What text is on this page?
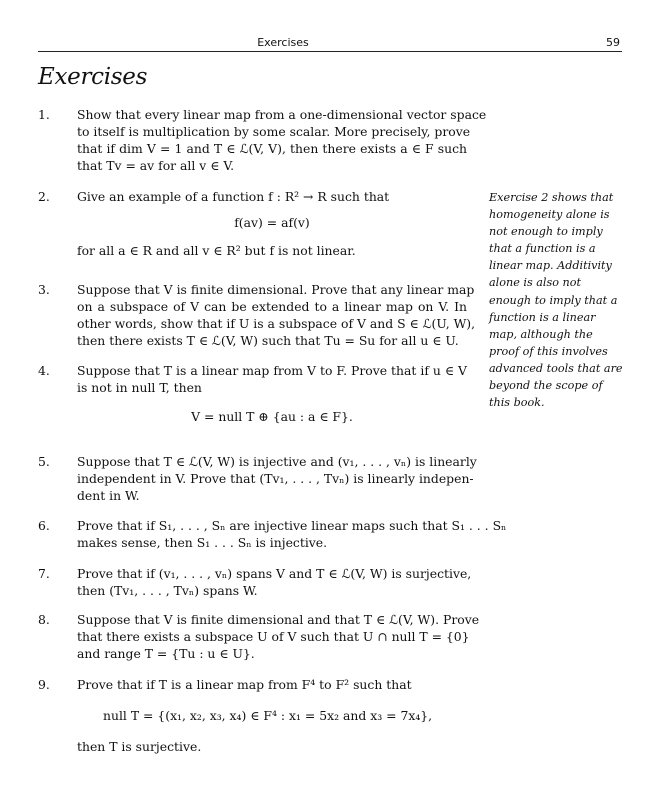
Exercises	59
Exercises
1. Show that every linear map from a one-dimensional vector space
to itself is multiplication by some scalar. More precisely, prove
that if dim V = 1 and T ∈ ℒ(V, V), then there exists a ∈ F such
that Tv = av for all v ∈ V.
2. Give an example of a function f : R² → R such that
f(av) = af(v)
for all a ∈ R and all v ∈ R² but f is not linear.
3. Suppose that V is finite dimensional. Prove that any linear map
on a subspace of V can be extended to a linear map on V. In
other words, show that if U is a subspace of V and S ∈ ℒ(U, W),
then there exists T ∈ ℒ(V, W) such that Tu = Su for all u ∈ U.
4. Suppose that T is a linear map from V to F. Prove that if u ∈ V
is not in null T, then
V = null T ⊕ {au : a ∈ F}.
5. Suppose that T ∈ ℒ(V, W) is injective and (v₁, . . . , vₙ) is linearly
independent in V. Prove that (Tv₁, . . . , Tvₙ) is linearly indepen-
dent in W.
6. Prove that if S₁, . . . , Sₙ are injective linear maps such that S₁ . . . Sₙ
makes sense, then S₁ . . . Sₙ is injective.
7. Prove that if (v₁, . . . , vₙ) spans V and T ∈ ℒ(V, W) is surjective,
then (Tv₁, . . . , Tvₙ) spans W.
8. Suppose that V is finite dimensional and that T ∈ ℒ(V, W). Prove
that there exists a subspace U of V such that U ∩ null T = {0}
and range T = {Tu : u ∈ U}.
9. Prove that if T is a linear map from F⁴ to F² such that
null T = {(x₁, x₂, x₃, x₄) ∈ F⁴ : x₁ = 5x₂ and x₃ = 7x₄},
then T is surjective.
Exercise 2 shows that
homogeneity alone is
not enough to imply
that a function is a
linear map. Additivity
alone is also not
enough to imply that a
function is a linear
map, although the
proof of this involves
advanced tools that are
beyond the scope of
this book.
